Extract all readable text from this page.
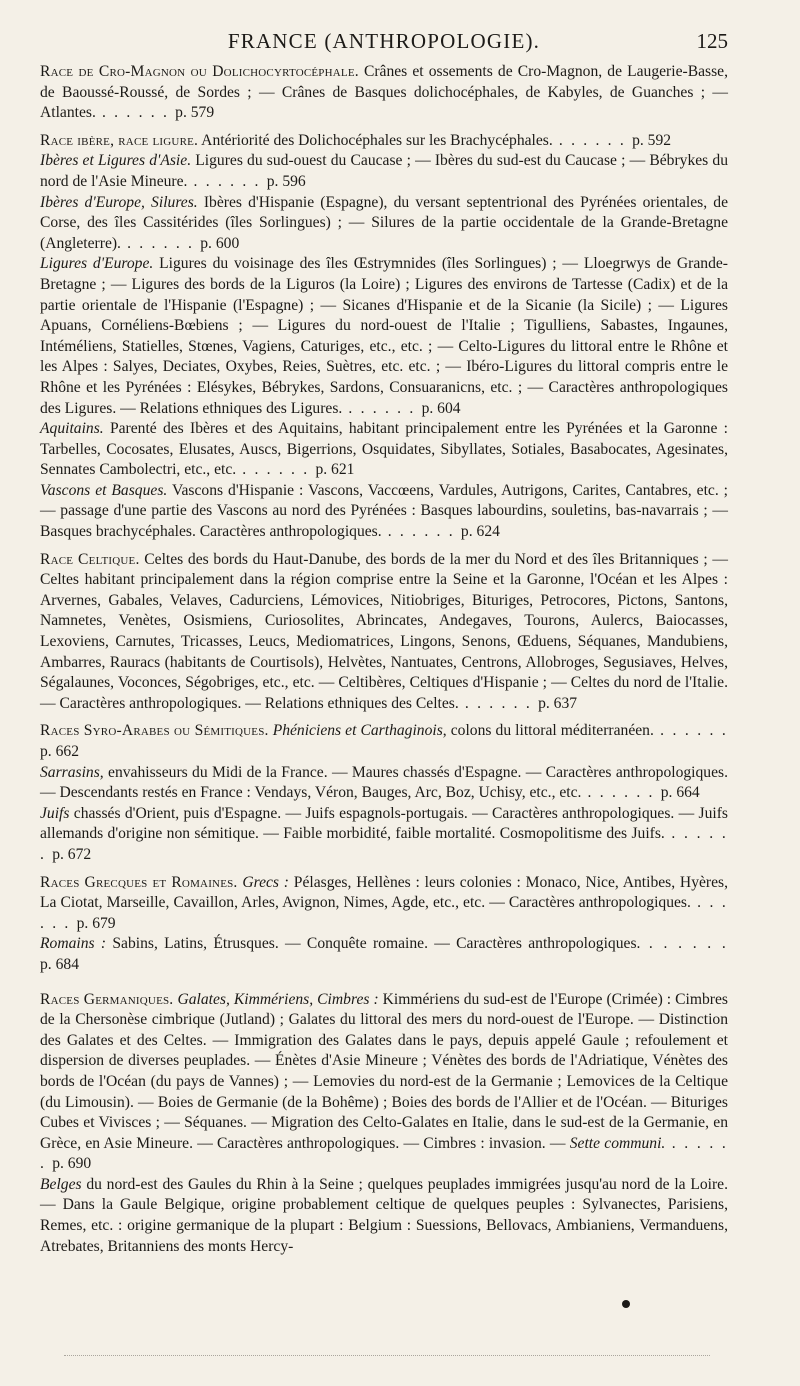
FRANCE (ANTHROPOLOGIE).	125

Race de Cro-Magnon ou Dolichocyrtocéphale. Crânes et ossements de Cro-Magnon, de Laugerie-Basse, de Baoussé-Roussé, de Sordes ; — Crânes de Basques dolichocéphales, de Kabyles, de Guanches ; — Atlantes. . . . . . . p. 579

Race ibère, race ligure. Antériorité des Dolichocéphales sur les Brachycéphales. . . . . . . p. 592

Ibères et Ligures d'Asie. Ligures du sud-ouest du Caucase ; — Ibères du sud-est du Caucase ; — Bébrykes du nord de l'Asie Mineure. . . . . . . p. 596

Ibères d'Europe, Silures. Ibères d'Hispanie (Espagne), du versant septentrional des Pyrénées orientales, de Corse, des îles Cassitérides (îles Sorlingues) ; — Silures de la partie occidentale de la Grande-Bretagne (Angleterre). . . . . . . p. 600

Ligures d'Europe. Ligures du voisinage des îles Œstrymnides (îles Sorlingues) ; — Lloegrwys de Grande-Bretagne ; — Ligures des bords de la Liguros (la Loire) ; Ligures des environs de Tartesse (Cadix) et de la partie orientale de l'Hispanie (l'Espagne) ; — Sicanes d'Hispanie et de la Sicanie (la Sicile) ; — Ligures Apuans, Cornéliens-Bœbiens ; — Ligures du nord-ouest de l'Italie ; Tigulliens, Sabastes, Ingaunes, Intéméliens, Statielles, Stœnes, Vagiens, Caturiges, etc., etc. ; — Celto-Ligures du littoral entre le Rhône et les Alpes : Salyes, Deciates, Oxybes, Reies, Suètres, etc. etc. ; — Ibéro-Ligures du littoral compris entre le Rhône et les Pyrénées : Elésykes, Bébrykes, Sardons, Consuaranicns, etc. ; — Caractères anthropologiques des Ligures. — Relations ethniques des Ligures. . . . . . . p. 604

Aquitains. Parenté des Ibères et des Aquitains, habitant principalement entre les Pyrénées et la Garonne : Tarbelles, Cocosates, Elusates, Auscs, Bigerrions, Osquidates, Sibyllates, Sotiales, Basabocates, Agesinates, Sennates Cambolectri, etc., etc. . . . . . . p. 621

Vascons et Basques. Vascons d'Hispanie : Vascons, Vaccœens, Vardules, Autrigons, Carites, Cantabres, etc. ; — passage d'une partie des Vascons au nord des Pyrénées : Basques labourdins, souletins, bas-navarrais ; — Basques brachycéphales. Caractères anthropologiques. . . . . . . p. 624

Race Celtique. Celtes des bords du Haut-Danube, des bords de la mer du Nord et des îles Britanniques ; — Celtes habitant principalement dans la région comprise entre la Seine et la Garonne, l'Océan et les Alpes : Arvernes, Gabales, Velaves, Cadurciens, Lémovices, Nitiobriges, Bituriges, Petrocores, Pictons, Santons, Namnetes, Venètes, Osismiens, Curiosolites, Abrincates, Andegaves, Tourons, Aulercs, Baiocasses, Lexoviens, Carnutes, Tricasses, Leucs, Mediomatrices, Lingons, Senons, Œduens, Séquanes, Mandubiens, Ambarres, Rauracs (habitants de Courtisols), Helvètes, Nantuates, Centrons, Allobroges, Segusiaves, Helves, Ségalaunes, Voconces, Ségobriges, etc., etc. — Celtibères, Celtiques d'Hispanie ; — Celtes du nord de l'Italie. — Caractères anthropologiques. — Relations ethniques des Celtes. . . . . . . p. 637

Races Syro-Arabes ou Sémitiques. Phéniciens et Carthaginois, colons du littoral méditerranéen. . . . . . . p. 662

Sarrasins, envahisseurs du Midi de la France. — Maures chassés d'Espagne. — Caractères anthropologiques. — Descendants restés en France : Vendays, Véron, Bauges, Arc, Boz, Uchisy, etc., etc. . . . . . . p. 664

Juifs chassés d'Orient, puis d'Espagne. — Juifs espagnols-portugais. — Caractères anthropologiques. — Juifs allemands d'origine non sémitique. — Faible morbidité, faible mortalité. Cosmopolitisme des Juifs. . . . . . . p. 672

Races Grecques et Romaines. Grecs : Pélasges, Hellènes : leurs colonies : Monaco, Nice, Antibes, Hyères, La Ciotat, Marseille, Cavaillon, Arles, Avignon, Nimes, Agde, etc., etc. — Caractères anthropologiques. . . . . . . p. 679

Romains : Sabins, Latins, Étrusques. — Conquête romaine. — Caractères anthropologiques. . . . . . . p. 684

Races Germaniques. Galates, Kimmériens, Cimbres : Kimmériens du sud-est de l'Europe (Crimée) : Cimbres de la Chersonèse cimbrique (Jutland) ; Galates du littoral des mers du nord-ouest de l'Europe. — Distinction des Galates et des Celtes. — Immigration des Galates dans le pays, depuis appelé Gaule ; refoulement et dispersion de diverses peuplades. — Énètes d'Asie Mineure ; Vénètes des bords de l'Adriatique, Vénètes des bords de l'Océan (du pays de Vannes) ; — Lemovies du nord-est de la Germanie ; Lemovices de la Celtique (du Limousin). — Boies de Germanie (de la Bohême) ; Boies des bords de l'Allier et de l'Océan. — Bituriges Cubes et Vivisces ; — Séquanes. — Migration des Celto-Galates en Italie, dans le sud-est de la Germanie, en Grèce, en Asie Mineure. — Caractères anthropologiques. — Cimbres : invasion. — Sette communi. . . . . . . p. 690

Belges du nord-est des Gaules du Rhin à la Seine ; quelques peuplades immigrées jusqu'au nord de la Loire. — Dans la Gaule Belgique, origine probablement celtique de quelques peuples : Sylvanectes, Parisiens, Remes, etc. : origine germanique de la plupart : Belgium : Suessions, Bellovacs, Ambianiens, Vermanduens, Atrebates, Britanniens des monts Hercy-
